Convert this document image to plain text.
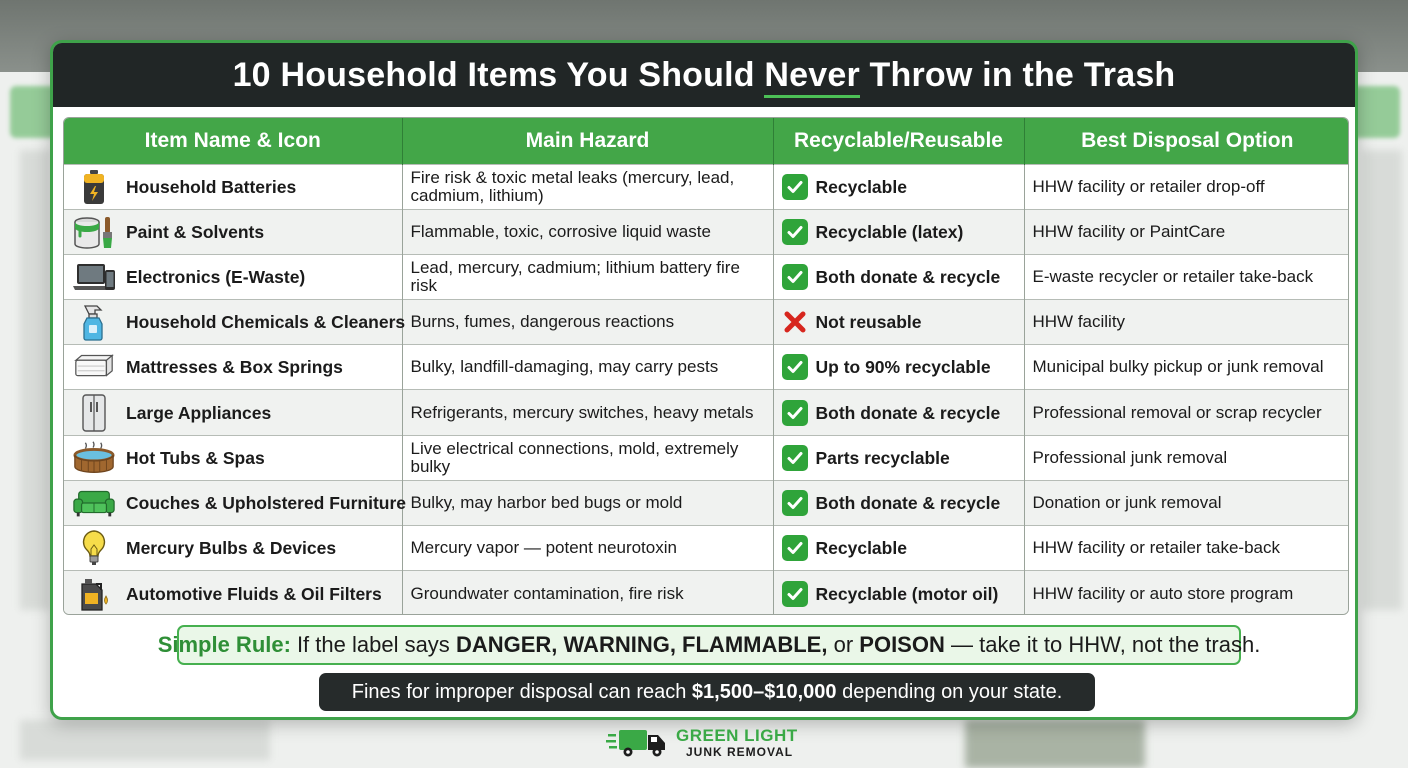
10 Household Items You Should Never Throw in the Trash
Item Name & Icon	Main Hazard	Recyclable/Reusable	Best Disposal Option

Household Batteries	Fire risk & toxic metal leaks (mercury, lead, cadmium, lithium)	Recyclable	HHW facility or retailer drop-off

Paint & Solvents	Flammable, toxic, corrosive liquid waste	Recyclable (latex)	HHW facility or PaintCare

Electronics (E-Waste)	Lead, mercury, cadmium; lithium battery fire risk	Both donate & recycle	E-waste recycler or retailer take-back

Household Chemicals & Cleaners	Burns, fumes, dangerous reactions	Not reusable	HHW facility

Mattresses & Box Springs	Bulky, landfill-damaging, may carry pests	Up to 90% recyclable	Municipal bulky pickup or junk removal

Large Appliances	Refrigerants, mercury switches, heavy metals	Both donate & recycle	Professional removal or scrap recycler

Hot Tubs & Spas	Live electrical connections, mold, extremely bulky	Parts recyclable	Professional junk removal

Couches & Upholstered Furniture	Bulky, may harbor bed bugs or mold	Both donate & recycle	Donation or junk removal

Mercury Bulbs & Devices	Mercury vapor — potent neurotoxin	Recyclable	HHW facility or retailer take-back

Automotive Fluids & Oil Filters	Groundwater contamination, fire risk	Recyclable (motor oil)	HHW facility or auto store program
Simple Rule: If the label says
DANGER, WARNING, FLAMMABLE,
or
POISON
— take it to HHW, not the trash.
Fines for improper disposal can reach
$1,500–$10,000
depending on your state.
GREEN LIGHT
JUNK REMOVAL
